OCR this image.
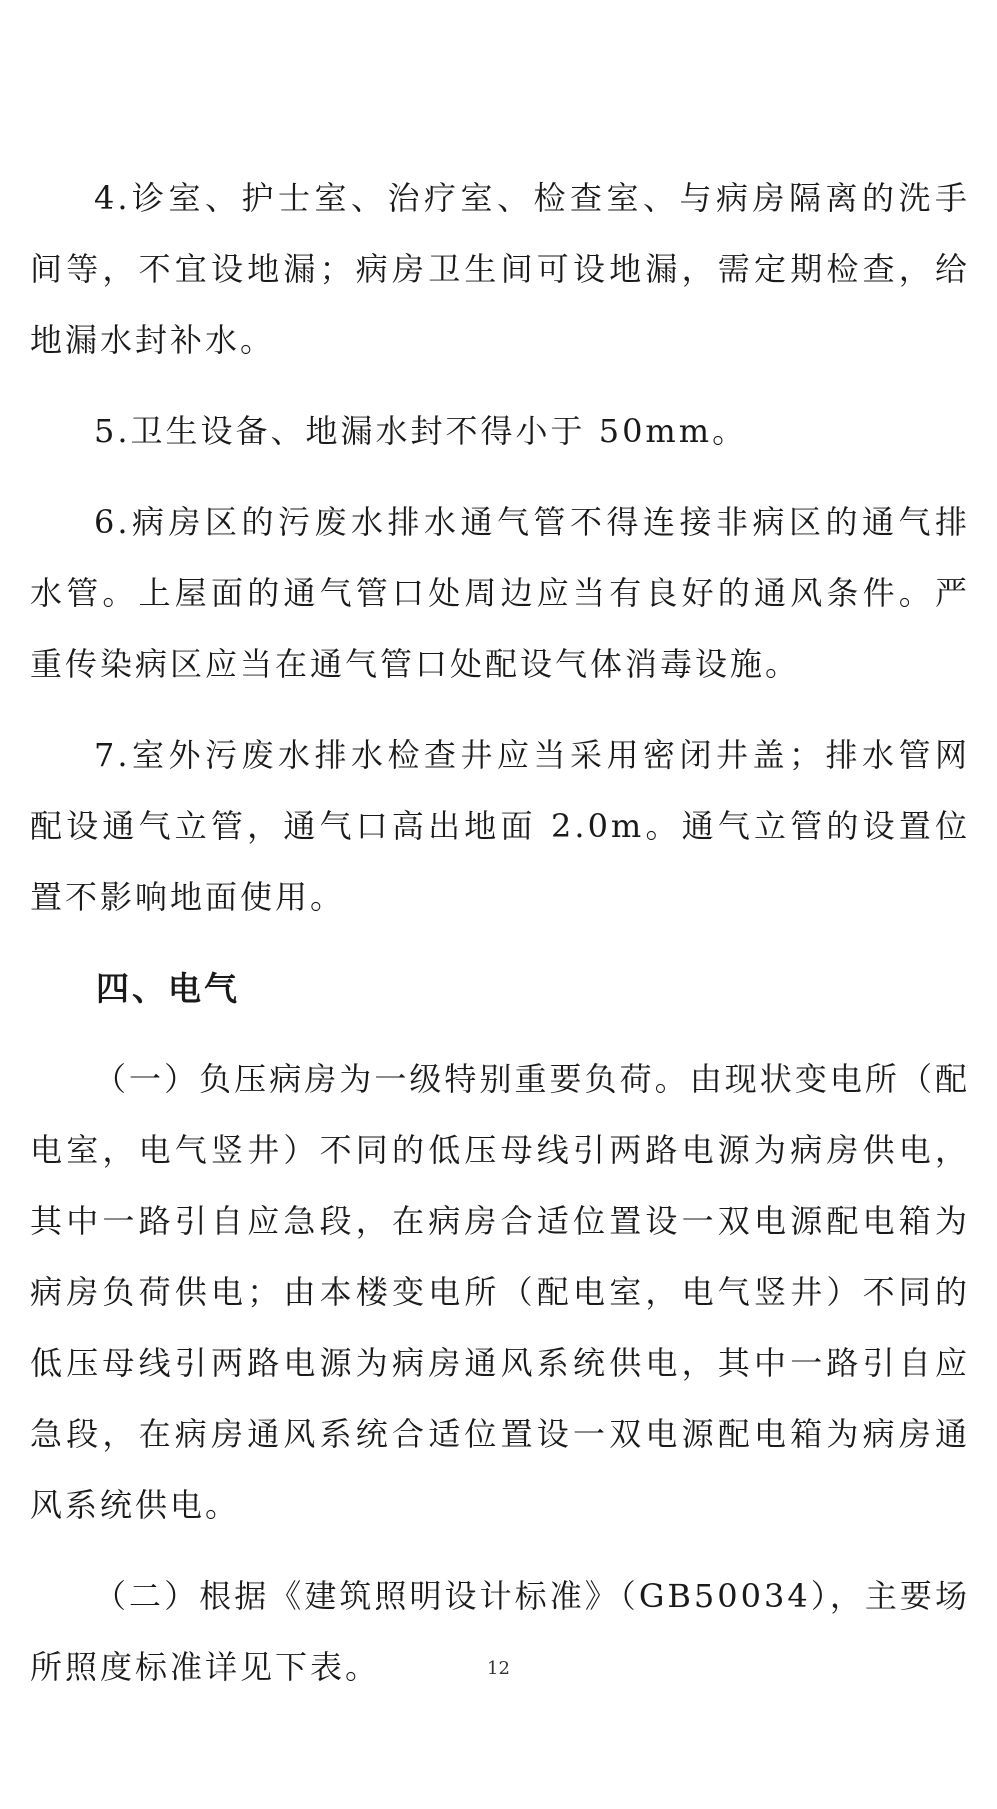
4.诊室、护士室、治疗室、检查室、与病房隔离的洗手间等，不宜设地漏；病房卫生间可设地漏，需定期检查，给地漏水封补水。

5.卫生设备、地漏水封不得小于 50mm。

6.病房区的污废水排水通气管不得连接非病区的通气排水管。上屋面的通气管口处周边应当有良好的通风条件。严重传染病区应当在通气管口处配设气体消毒设施。

7.室外污废水排水检查井应当采用密闭井盖；排水管网配设通气立管，通气口高出地面 2.0m。通气立管的设置位置不影响地面使用。

四、电气

（一）负压病房为一级特别重要负荷。由现状变电所（配电室，电气竖井）不同的低压母线引两路电源为病房供电，其中一路引自应急段，在病房合适位置设一双电源配电箱为病房负荷供电；由本楼变电所（配电室，电气竖井）不同的低压母线引两路电源为病房通风系统供电，其中一路引自应急段，在病房通风系统合适位置设一双电源配电箱为病房通风系统供电。

（二）根据《建筑照明设计标准》（GB50034），主要场所照度标准详见下表。	12
